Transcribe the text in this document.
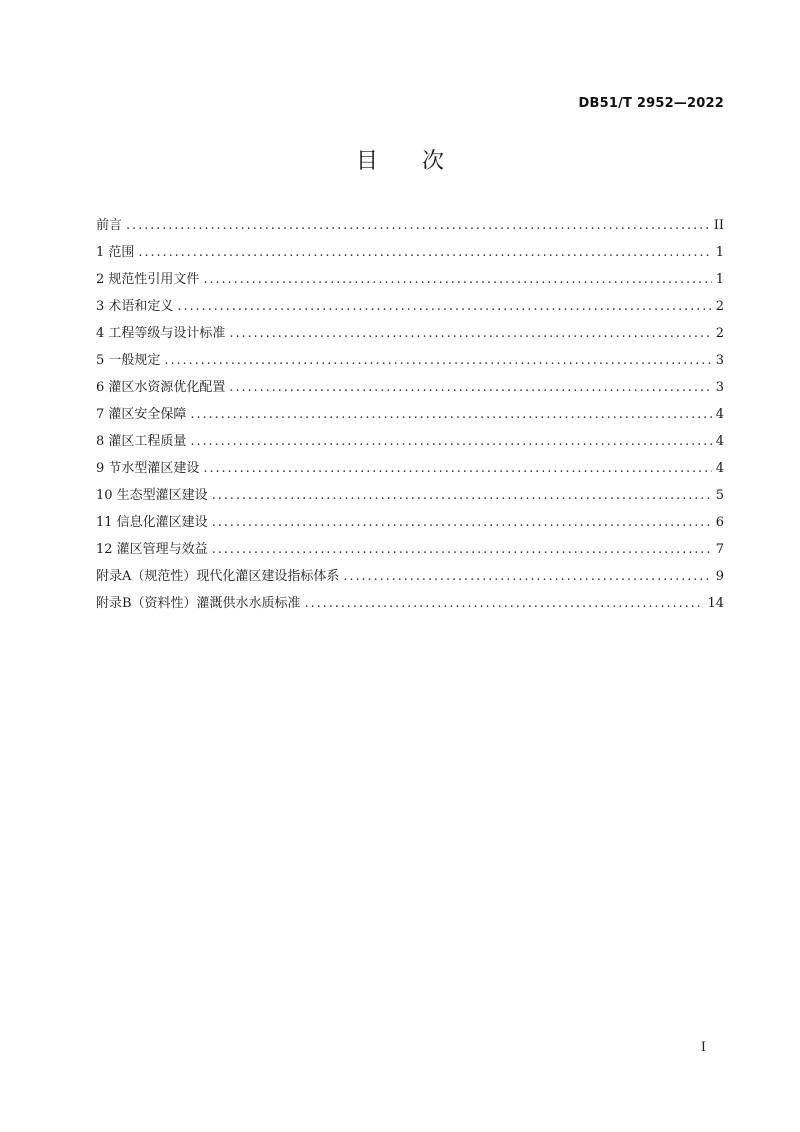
DB51/T 2952—2022
目 次
前言 .....	II
1 范围 .....	1
2 规范性引用文件 .....	1
3 术语和定义 .....	2
4 工程等级与设计标准 .....	2
5 一般规定 .....	3
6 灌区水资源优化配置 .....	3
7 灌区安全保障 .....	4
8 灌区工程质量 .....	4
9 节水型灌区建设 .....	4
10 生态型灌区建设 .....	5
11 信息化灌区建设 .....	6
12 灌区管理与效益 .....	7
附录A（规范性）现代化灌区建设指标体系 .....	9
附录B（资料性）灌溉供水水质标准 .....	14
I
